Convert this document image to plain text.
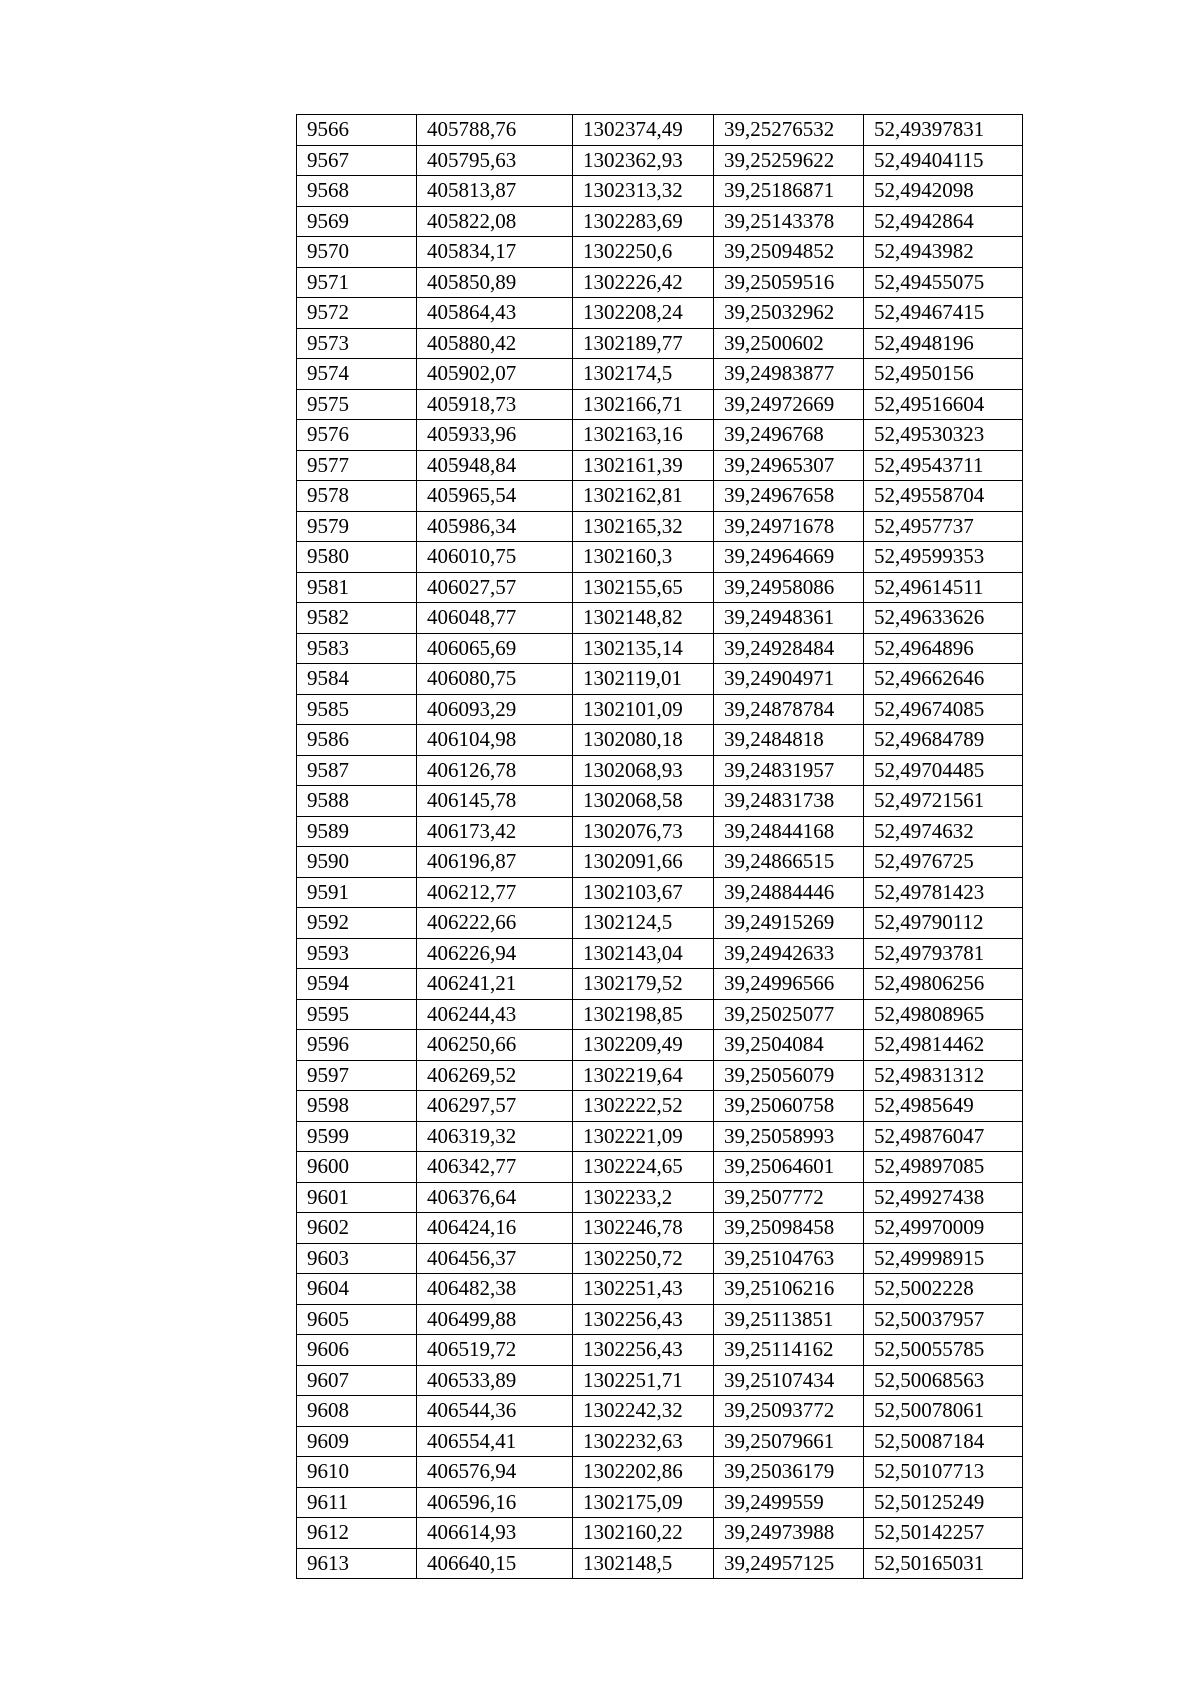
9566	405788,76	1302374,49	39,25276532	52,49397831
9567	405795,63	1302362,93	39,25259622	52,49404115
9568	405813,87	1302313,32	39,25186871	52,4942098
9569	405822,08	1302283,69	39,25143378	52,4942864
9570	405834,17	1302250,6	39,25094852	52,4943982
9571	405850,89	1302226,42	39,25059516	52,49455075
9572	405864,43	1302208,24	39,25032962	52,49467415
9573	405880,42	1302189,77	39,2500602	52,4948196
9574	405902,07	1302174,5	39,24983877	52,4950156
9575	405918,73	1302166,71	39,24972669	52,49516604
9576	405933,96	1302163,16	39,2496768	52,49530323
9577	405948,84	1302161,39	39,24965307	52,49543711
9578	405965,54	1302162,81	39,24967658	52,49558704
9579	405986,34	1302165,32	39,24971678	52,4957737
9580	406010,75	1302160,3	39,24964669	52,49599353
9581	406027,57	1302155,65	39,24958086	52,49614511
9582	406048,77	1302148,82	39,24948361	52,49633626
9583	406065,69	1302135,14	39,24928484	52,4964896
9584	406080,75	1302119,01	39,24904971	52,49662646
9585	406093,29	1302101,09	39,24878784	52,49674085
9586	406104,98	1302080,18	39,2484818	52,49684789
9587	406126,78	1302068,93	39,24831957	52,49704485
9588	406145,78	1302068,58	39,24831738	52,49721561
9589	406173,42	1302076,73	39,24844168	52,4974632
9590	406196,87	1302091,66	39,24866515	52,4976725
9591	406212,77	1302103,67	39,24884446	52,49781423
9592	406222,66	1302124,5	39,24915269	52,49790112
9593	406226,94	1302143,04	39,24942633	52,49793781
9594	406241,21	1302179,52	39,24996566	52,49806256
9595	406244,43	1302198,85	39,25025077	52,49808965
9596	406250,66	1302209,49	39,2504084	52,49814462
9597	406269,52	1302219,64	39,25056079	52,49831312
9598	406297,57	1302222,52	39,25060758	52,4985649
9599	406319,32	1302221,09	39,25058993	52,49876047
9600	406342,77	1302224,65	39,25064601	52,49897085
9601	406376,64	1302233,2	39,2507772	52,49927438
9602	406424,16	1302246,78	39,25098458	52,49970009
9603	406456,37	1302250,72	39,25104763	52,49998915
9604	406482,38	1302251,43	39,25106216	52,5002228
9605	406499,88	1302256,43	39,25113851	52,50037957
9606	406519,72	1302256,43	39,25114162	52,50055785
9607	406533,89	1302251,71	39,25107434	52,50068563
9608	406544,36	1302242,32	39,25093772	52,50078061
9609	406554,41	1302232,63	39,25079661	52,50087184
9610	406576,94	1302202,86	39,25036179	52,50107713
9611	406596,16	1302175,09	39,2499559	52,50125249
9612	406614,93	1302160,22	39,24973988	52,50142257
9613	406640,15	1302148,5	39,24957125	52,50165031
